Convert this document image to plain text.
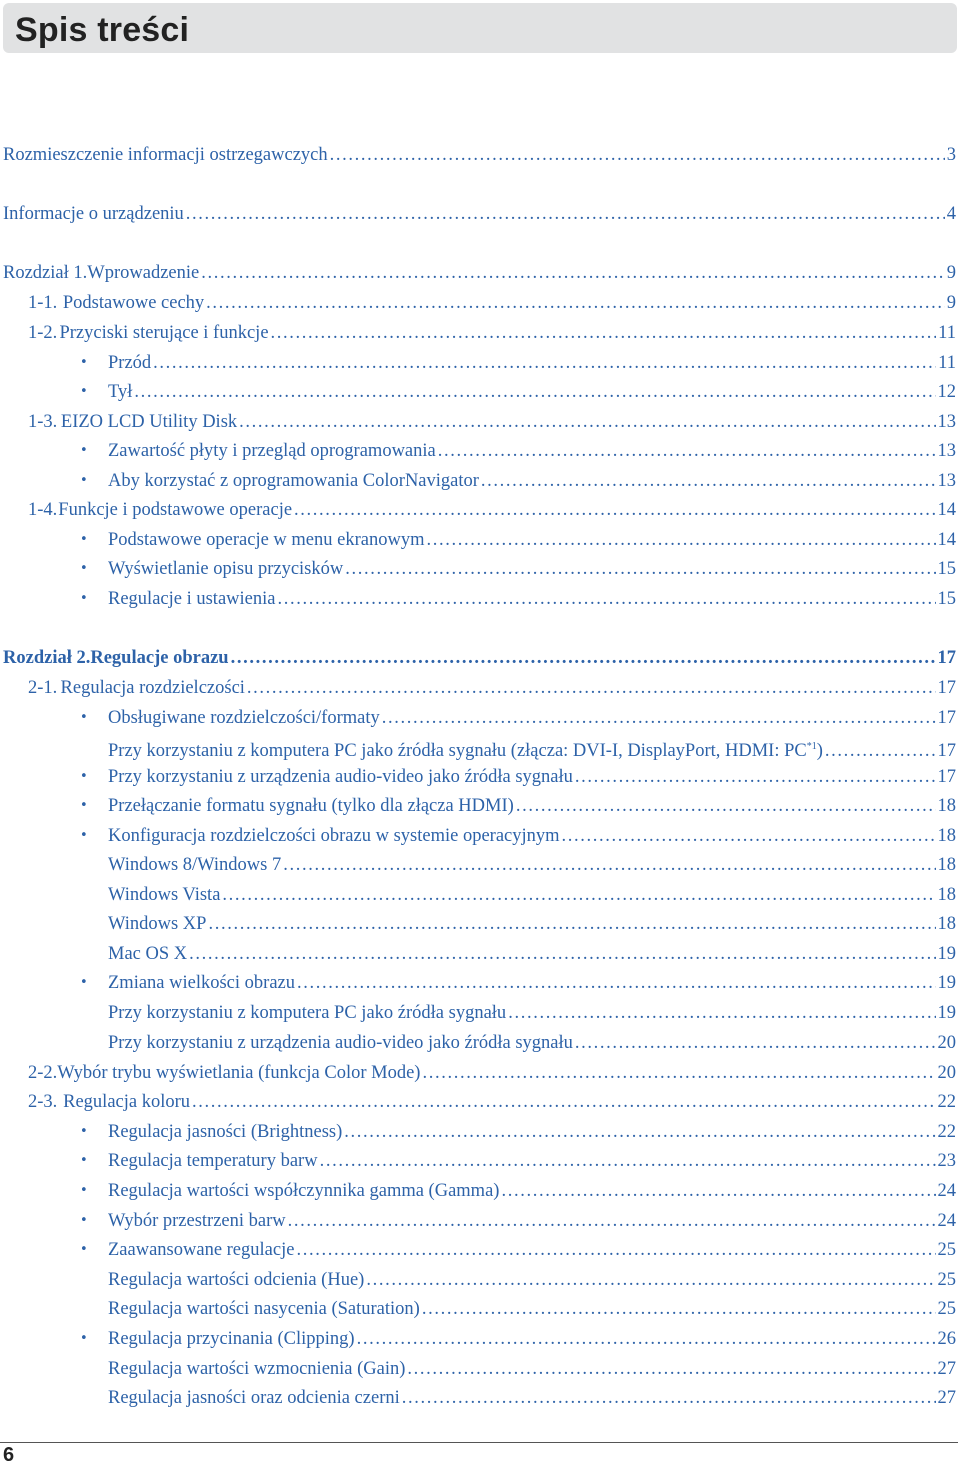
Spis treści
Rozmieszczenie informacji ostrzegawczych . . .	3
Informacje o urządzeniu . . .	4
Rozdział 1. Wprowadzenie . . .	9
1-1. Podstawowe cechy . . .	9
1-2. Przyciski sterujące i funkcje . . .	11
• Przód . . .	11
• Tył . . .	12
1-3. EIZO LCD Utility Disk . . .	13
• Zawartość płyty i przegląd oprogramowania . . .	13
• Aby korzystać z oprogramowania ColorNavigator . . .	13
1-4. Funkcje i podstawowe operacje . . .	14
• Podstawowe operacje w menu ekranowym . . .	14
• Wyświetlanie opisu przycisków . . .	15
• Regulacje i ustawienia . . .	15
Rozdział 2. Regulacje obrazu . . .	17
2-1. Regulacja rozdzielczości . . .	17
• Obsługiwane rozdzielczości/formaty . . .	17
Przy korzystaniu z komputera PC jako źródła sygnału (złącza: DVI-I, DisplayPort, HDMI: PC$^{*1}$) . . .	17
• Przy korzystaniu z urządzenia audio-video jako źródła sygnału . . .	17
• Przełączanie formatu sygnału (tylko dla złącza HDMI) . . .	18
• Konfiguracja rozdzielczości obrazu w systemie operacyjnym . . .	18
Windows 8/Windows 7 . . .	18
Windows Vista . . .	18
Windows XP . . .	18
Mac OS X . . .	19
• Zmiana wielkości obrazu . . .	19
Przy korzystaniu z komputera PC jako źródła sygnału . . .	19
Przy korzystaniu z urządzenia audio-video jako źródła sygnału . . .	20
2-2. Wybór trybu wyświetlania (funkcja Color Mode) . . .	20
2-3. Regulacja koloru . . .	22
• Regulacja jasności (Brightness) . . .	22
• Regulacja temperatury barw . . .	23
• Regulacja wartości współczynnika gamma (Gamma) . . .	24
• Wybór przestrzeni barw . . .	24
• Zaawansowane regulacje . . .	25
Regulacja wartości odcienia (Hue) . . .	25
Regulacja wartości nasycenia (Saturation) . . .	25
• Regulacja przycinania (Clipping) . . .	26
Regulacja wartości wzmocnienia (Gain) . . .	27
Regulacja jasności oraz odcienia czerni . . .	27
6
